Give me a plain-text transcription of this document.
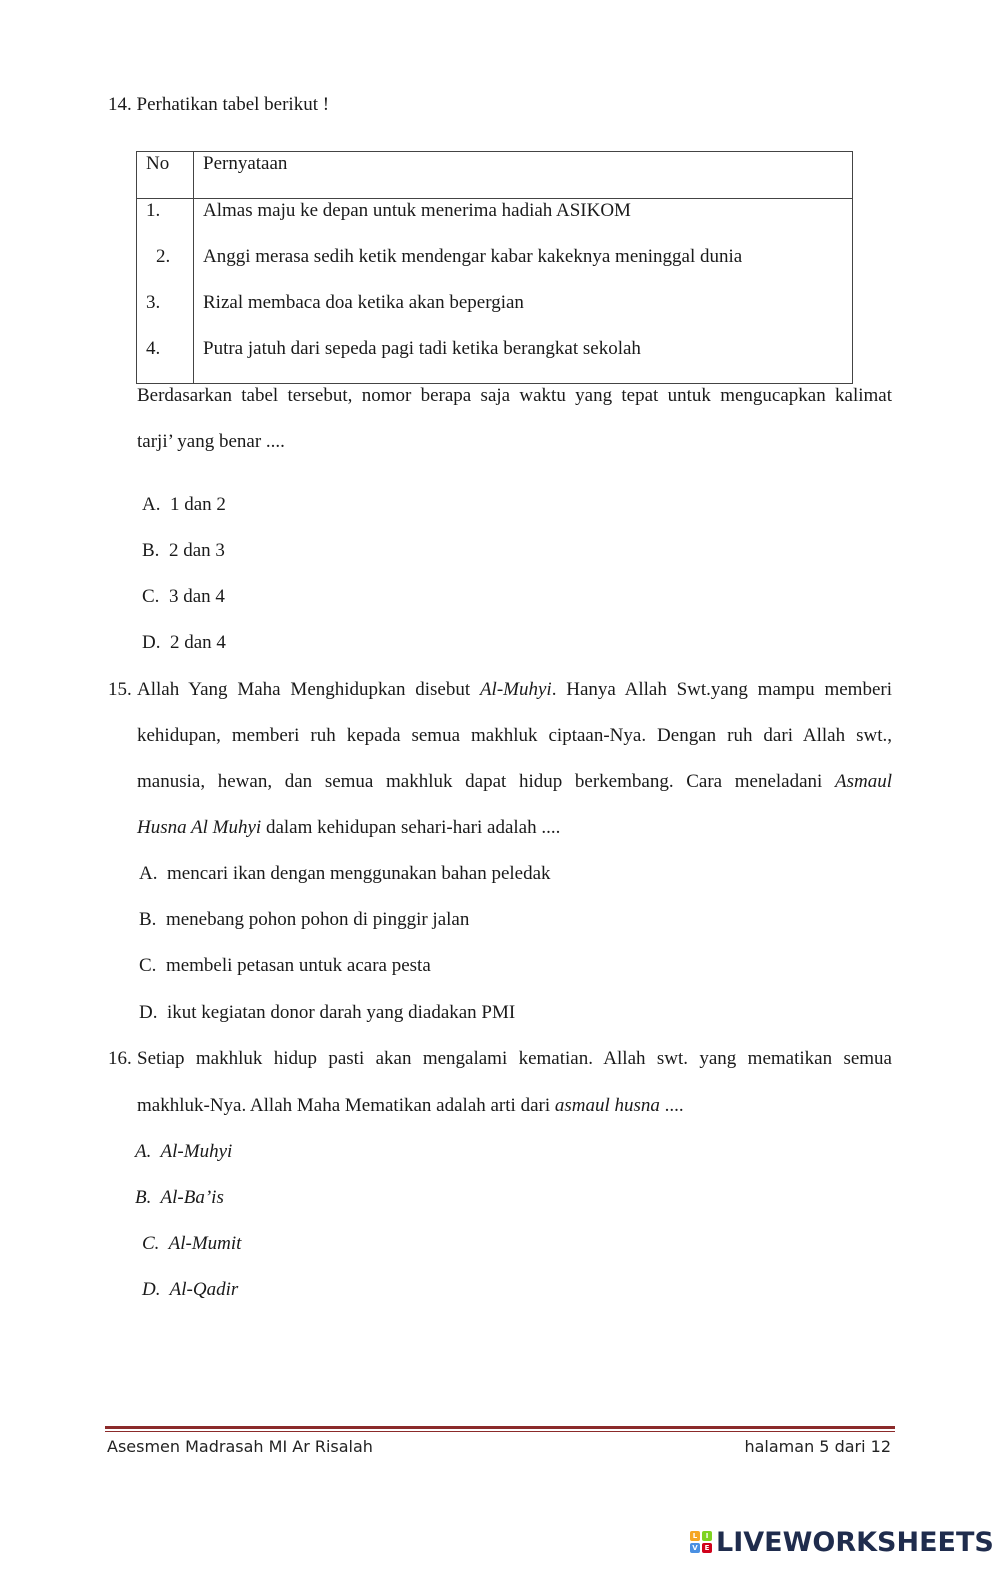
14. Perhatikan tabel berikut !
No Pernyataan
1. Almas maju ke depan untuk menerima hadiah ASIKOM
2. Anggi merasa sedih ketik mendengar kabar kakeknya meninggal dunia
3. Rizal membaca doa ketika akan bepergian
4. Putra jatuh dari sepeda pagi tadi ketika berangkat sekolah
Berdasarkan tabel tersebut, nomor berapa saja waktu yang tepat untuk mengucapkan kalimat
tarji’ yang benar ....
A. 1 dan 2
B. 2 dan 3
C. 3 dan 4
D. 2 dan 4
15. Allah Yang Maha Menghidupkan disebut Al-Muhyi. Hanya Allah Swt.yang mampu memberi
kehidupan, memberi ruh kepada semua makhluk ciptaan-Nya. Dengan ruh dari Allah swt.,
manusia, hewan, dan semua makhluk dapat hidup berkembang. Cara meneladani Asmaul
Husna Al Muhyi dalam kehidupan sehari-hari adalah ....
A. mencari ikan dengan menggunakan bahan peledak
B. menebang pohon pohon di pinggir jalan
C. membeli petasan untuk acara pesta
D. ikut kegiatan donor darah yang diadakan PMI
16. Setiap makhluk hidup pasti akan mengalami kematian. Allah swt. yang mematikan semua
makhluk-Nya. Allah Maha Mematikan adalah arti dari asmaul husna ....
A. Al-Muhyi
B. Al-Ba’is
C. Al-Mumit
D. Al-Qadir
Asesmen Madrasah MI Ar Risalah	halaman 5 dari 12
L	I
V E LIVEWORKSHEETS
